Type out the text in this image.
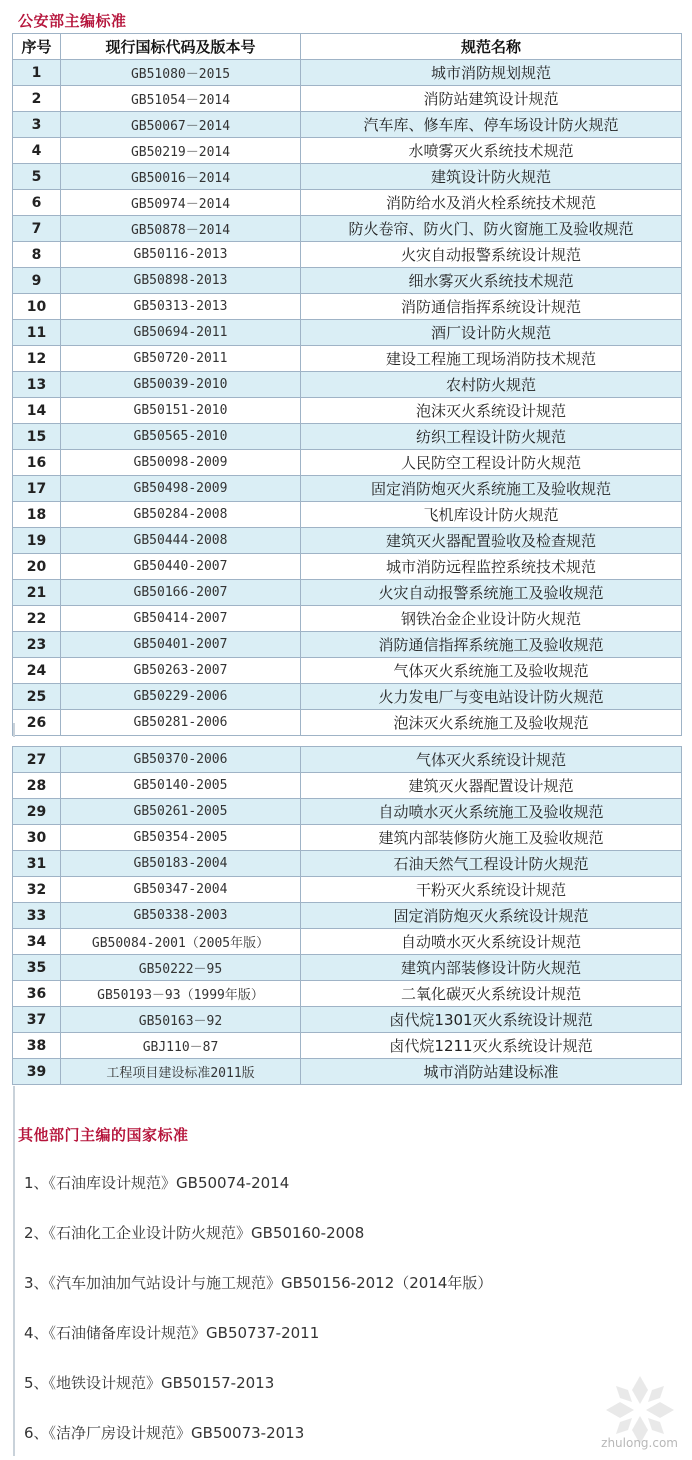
公安部主编标准
序号	现行国标代码及版本号	规范名称
1	GB51080－2015	城市消防规划规范
2	GB51054－2014	消防站建筑设计规范
3	GB50067－2014	汽车库、修车库、停车场设计防火规范
4	GB50219－2014	水喷雾灭火系统技术规范
5	GB50016－2014	建筑设计防火规范
6	GB50974－2014	消防给水及消火栓系统技术规范
7	GB50878－2014	防火卷帘、防火门、防火窗施工及验收规范
8	GB50116-2013	火灾自动报警系统设计规范
9	GB50898-2013	细水雾灭火系统技术规范
10	GB50313-2013	消防通信指挥系统设计规范
11	GB50694-2011	酒厂设计防火规范
12	GB50720-2011	建设工程施工现场消防技术规范
13	GB50039-2010	农村防火规范
14	GB50151-2010	泡沫灭火系统设计规范
15	GB50565-2010	纺织工程设计防火规范
16	GB50098-2009	人民防空工程设计防火规范
17	GB50498-2009	固定消防炮灭火系统施工及验收规范
18	GB50284-2008	飞机库设计防火规范
19	GB50444-2008	建筑灭火器配置验收及检查规范
20	GB50440-2007	城市消防远程监控系统技术规范
21	GB50166-2007	火灾自动报警系统施工及验收规范
22	GB50414-2007	钢铁冶金企业设计防火规范
23	GB50401-2007	消防通信指挥系统施工及验收规范
24	GB50263-2007	气体灭火系统施工及验收规范
25	GB50229-2006	火力发电厂与变电站设计防火规范
26	GB50281-2006	泡沫灭火系统施工及验收规范
27	GB50370-2006	气体灭火系统设计规范
28	GB50140-2005	建筑灭火器配置设计规范
29	GB50261-2005	自动喷水灭火系统施工及验收规范
30	GB50354-2005	建筑内部装修防火施工及验收规范
31	GB50183-2004	石油天然气工程设计防火规范
32	GB50347-2004	干粉灭火系统设计规范
33	GB50338-2003	固定消防炮灭火系统设计规范
34	GB50084-2001（2005年版）	自动喷水灭火系统设计规范
35	GB50222－95	建筑内部装修设计防火规范
36	GB50193－93（1999年版）	二氧化碳灭火系统设计规范
37	GB50163－92	卤代烷1301灭火系统设计规范
38	GBJ110－87	卤代烷1211灭火系统设计规范
39	工程项目建设标准2011版	城市消防站建设标准
其他部门主编的国家标准
1、《石油库设计规范》GB50074-2014
2、《石油化工企业设计防火规范》GB50160-2008
3、《汽车加油加气站设计与施工规范》GB50156-2012（2014年版）
4、《石油储备库设计规范》GB50737-2011
5、《地铁设计规范》GB50157-2013
6、《洁净厂房设计规范》GB50073-2013
zhulong.com
